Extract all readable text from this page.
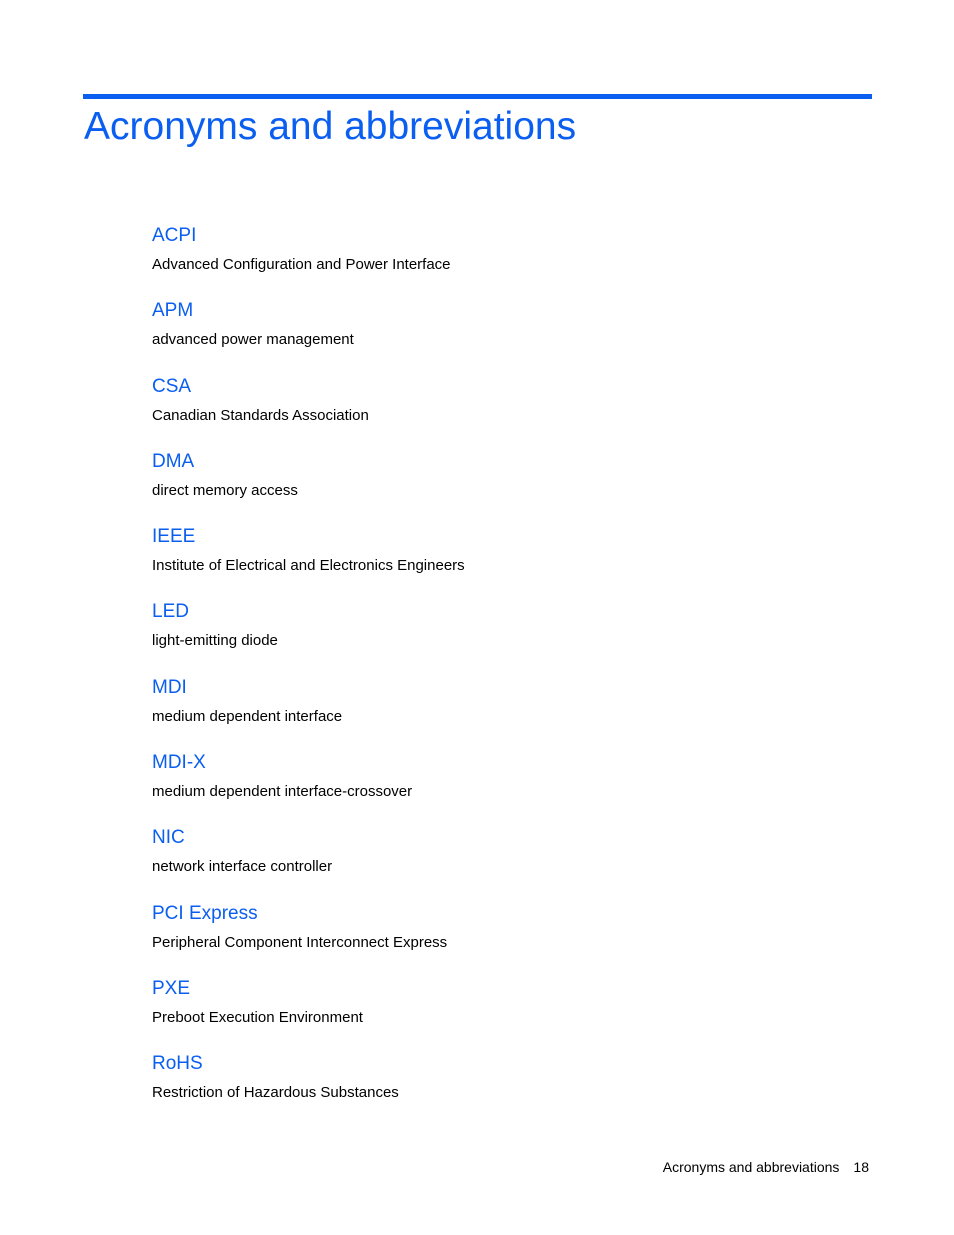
Acronyms and abbreviations

ACPI

Advanced Configuration and Power Interface

APM

advanced power management

CSA

Canadian Standards Association

DMA

direct memory access

IEEE

Institute of Electrical and Electronics Engineers

LED

light-emitting diode

MDI

medium dependent interface

MDI-X

medium dependent interface-crossover

NIC

network interface controller

PCI Express

Peripheral Component Interconnect Express

PXE

Preboot Execution Environment

RoHS

Restriction of Hazardous Substances

Acronyms and abbreviations 18
